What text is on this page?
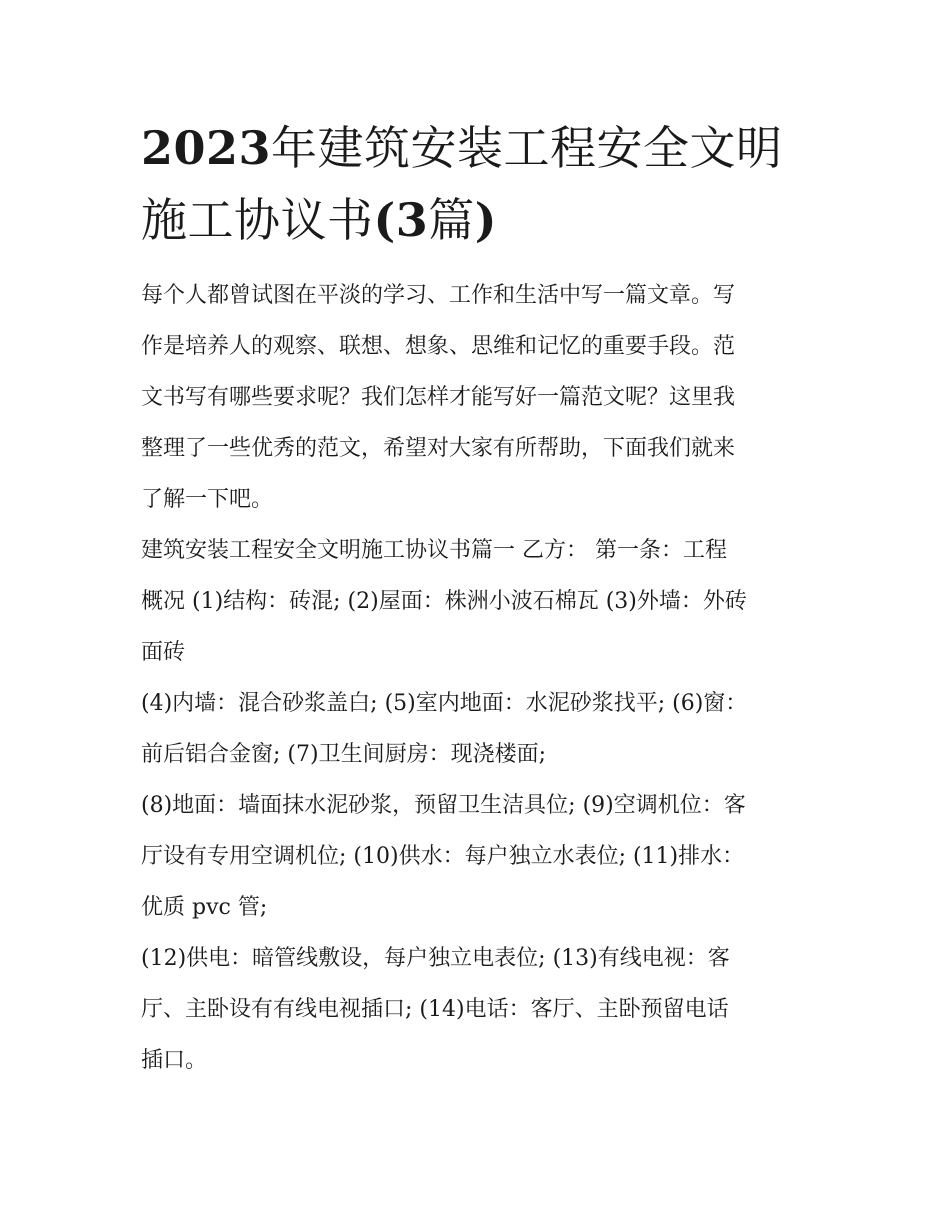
2023年建筑安装工程安全文明
施工协议书(3篇)

每个人都曾试图在平淡的学习、工作和生活中写一篇文章。写
作是培养人的观察、联想、想象、思维和记忆的重要手段。范
文书写有哪些要求呢？我们怎样才能写好一篇范文呢？这里我
整理了一些优秀的范文，希望对大家有所帮助，下面我们就来
了解一下吧。

建筑安装工程安全文明施工协议书篇一 乙方： 第一条：工程
概况 (1)结构：砖混; (2)屋面：株洲小波石棉瓦 (3)外墙：外砖
面砖

(4)内墙：混合砂浆盖白; (5)室内地面：水泥砂浆找平; (6)窗：
前后铝合金窗; (7)卫生间厨房：现浇楼面;

(8)地面：墙面抹水泥砂浆，预留卫生洁具位; (9)空调机位：客
厅设有专用空调机位; (10)供水：每户独立水表位; (11)排水：
优质 pvc 管;

(12)供电：暗管线敷设，每户独立电表位; (13)有线电视：客
厅、主卧设有有线电视插口; (14)电话：客厅、主卧预留电话
插口。
